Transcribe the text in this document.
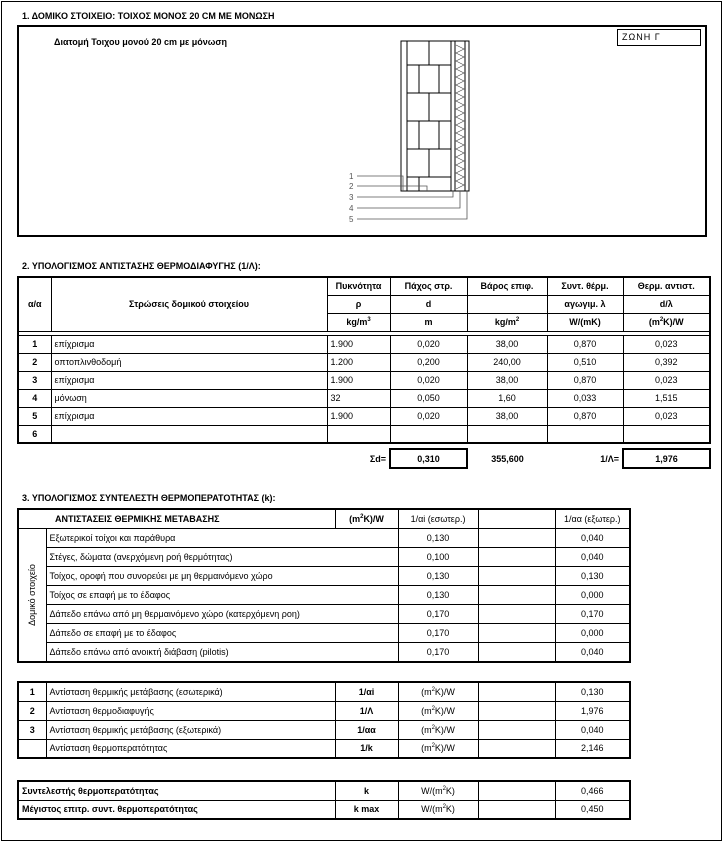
1. ΔΟΜΙΚΟ ΣΤΟΙΧΕΙΟ: ΤΟΙΧΟΣ ΜΟΝΟΣ 20 CM ΜΕ ΜΟΝΩΣΗ
Διατομή Τοιχου μονού 20 cm με μόνωση	ΖΩΝΗ Γ
1
2
3
4
5
2. ΥΠΟΛΟΓΙΣΜΟΣ ΑΝΤΙΣΤΑΣΗΣ ΘΕΡΜΟΔΙΑΦΥΓΗΣ (1/Λ):
α/α	Στρώσεις δομικού στοιχείου	Πυκνότητα	Πάχος στρ.	Βάρος επιφ.	Συντ. θέρμ.	Θερμ. αντιστ.
		ρ	d		αγωγιμ. λ	d/λ
		$kg/m^3$	m	$kg/m^2$	W/(mK)	$(m^2K)/W$

1	επίχρισμα	1.900	0,020	38,00	0,870	0,023
2	οπτοπλινθοδομή	1.200	0,200	240,00	0,510	0,392
3	επίχρισμα	1.900	0,020	38,00	0,870	0,023
4	μόνωση	32	0,050	1,60	0,033	1,515
5	επίχρισμα	1.900	0,020	38,00	0,870	0,023
6						

		Σd=	0,310	355,600	1/Λ=	1,976
3. ΥΠΟΛΟΓΙΣΜΟΣ ΣΥΝΤΕΛΕΣΤΗ ΘΕΡΜΟΠΕΡΑΤΟΤΗΤΑΣ (k):
ΑΝΤΙΣΤΑΣΕΙΣ ΘΕΡΜΙΚΗΣ ΜΕΤΑΒΑΣΗΣ		$(m^2K)/W$	1/αi (εσωτερ.)		1/αα (εξωτερ.)

Δομικό στοιχείο	Εξωτερικοί τοίχοι και παράθυρα		0,130		0,040
	Στέγες, δώματα (ανερχόμενη ροή θερμότητας)		0,100		0,040
	Τοίχος, οροφή που συνορεύει με μη θερμαινόμενο χώρο		0,130		0,130
	Τοίχος σε επαφή με το έδαφος		0,130		0,000
	Δάπεδο επάνω από μη θερμαινόμενο χώρο (κατερχόμενη ροη)		0,170		0,170
	Δάπεδο σε επαφή με το έδαφος		0,170		0,000
	Δάπεδο επάνω από ανοικτή διάβαση (pilotis)		0,170		0,040
1	Αντίσταση θερμικής μετάβασης (εσωτερικά)	1/αi	$(m^2K)/W$		0,130
2	Αντίσταση θερμοδιαφυγής	1/Λ	$(m^2K)/W$		1,976
3	Αντίσταση θερμικής μετάβασης (εξωτερικά)	1/αα	$(m^2K)/W$		0,040
	Αντίσταση θερμοπερατότητας	1/k	$(m^2K)/W$		2,146
Συντελεστής θερμοπερατότητας	k	$W/(m^2K)$		0,466
Μέγιστος επιτρ. συντ. θερμοπερατότητας	k max	$W/(m^2K)$		0,450
